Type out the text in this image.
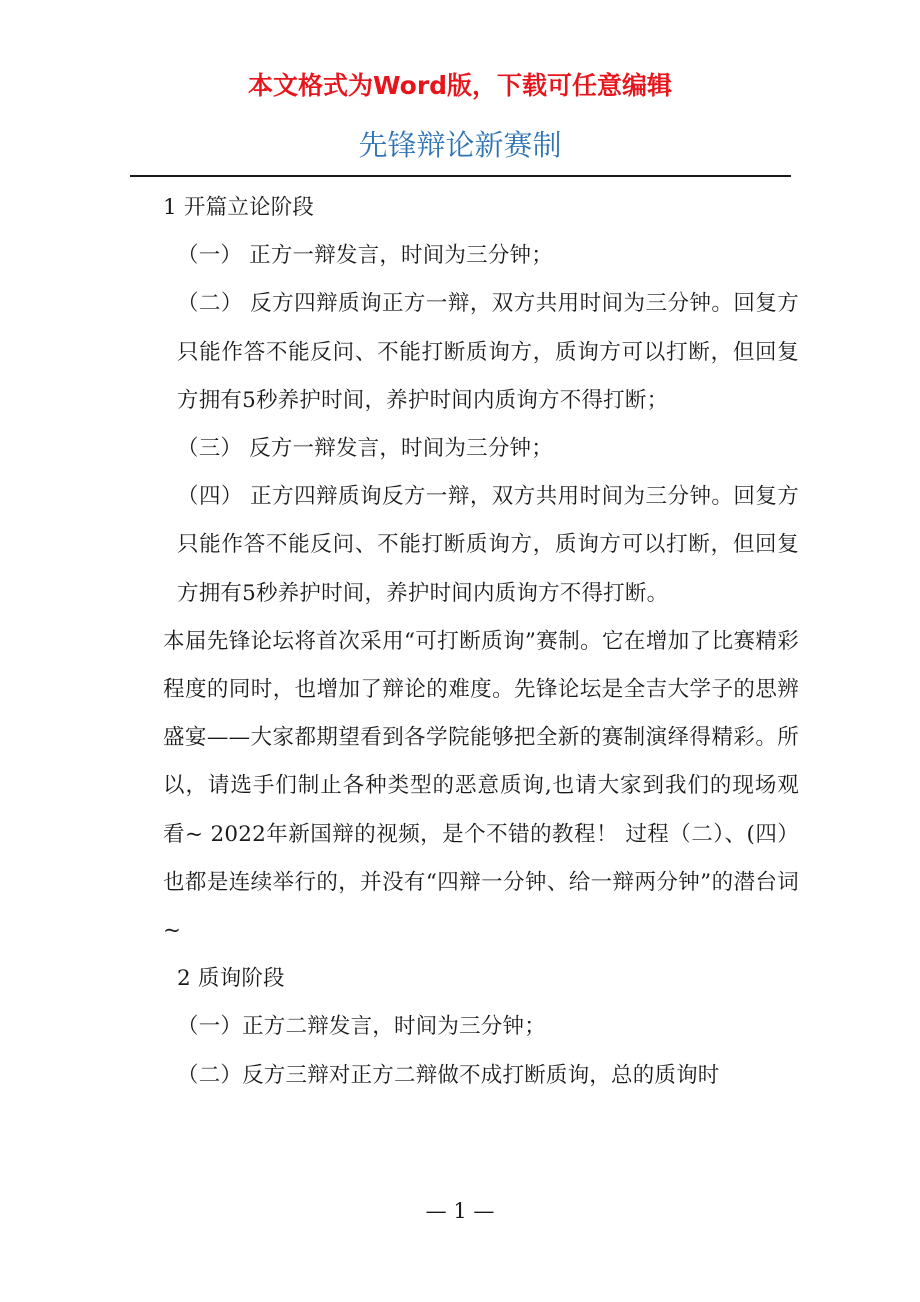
本文格式为Word版，下载可任意编辑
先锋辩论新赛制

1 开篇立论阶段

（一） 正方一辩发言，时间为三分钟；

（二） 反方四辩质询正方一辩，双方共用时间为三分钟。回复方只能作答不能反问、不能打断质询方，质询方可以打断，但回复方拥有5秒养护时间，养护时间内质询方不得打断；

（三） 反方一辩发言，时间为三分钟；

（四） 正方四辩质询反方一辩，双方共用时间为三分钟。回复方只能作答不能反问、不能打断质询方，质询方可以打断，但回复方拥有5秒养护时间，养护时间内质询方不得打断。

本届先锋论坛将首次采用“可打断质询”赛制。它在增加了比赛精彩程度的同时，也增加了辩论的难度。先锋论坛是全吉大学子的思辨盛宴——大家都期望看到各学院能够把全新的赛制演绎得精彩。所以，请选手们制止各种类型的恶意质询,也请大家到我们的现场观看~ 2022年新国辩的视频，是个不错的教程！ 过程（二）、(四）也都是连续举行的，并没有“四辩一分钟、给一辩两分钟”的潜台词~

2 质询阶段

（一）正方二辩发言，时间为三分钟；

（二）反方三辩对正方二辩做不成打断质询，总的质询时

— 1 —
